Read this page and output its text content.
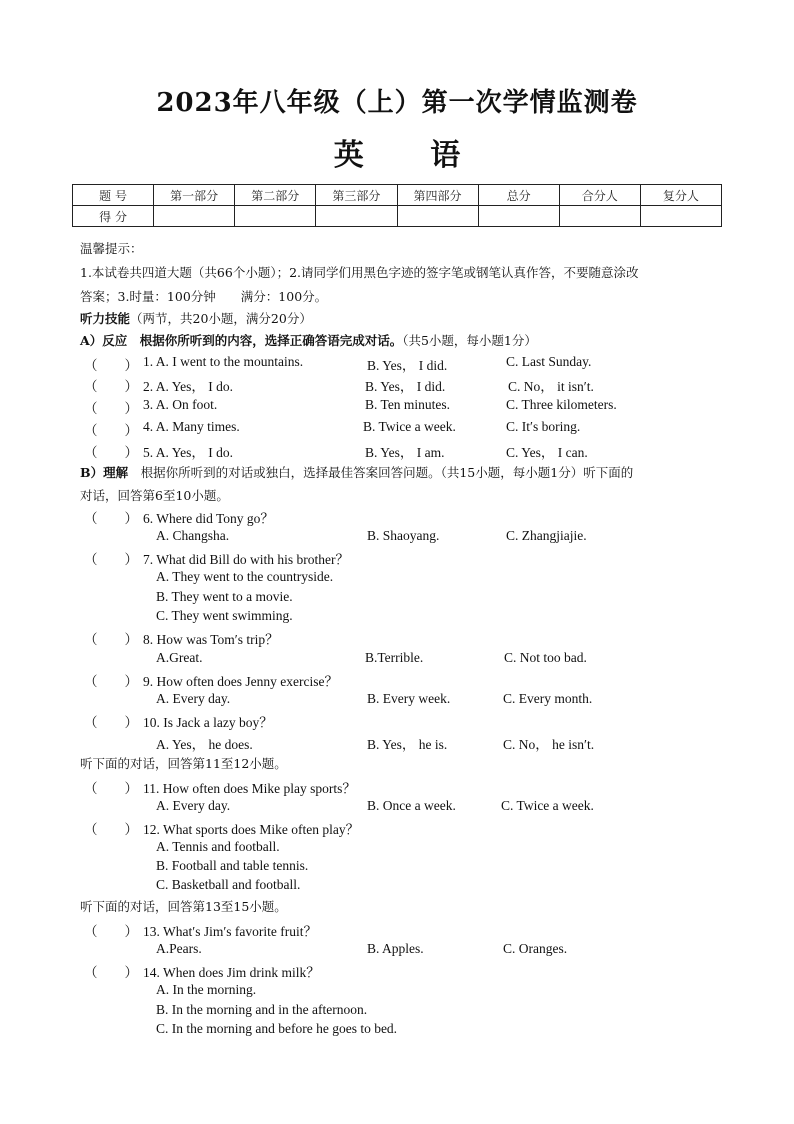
2023年八年级（上）第一次学情监测卷
英 语
题 号	第一部分	第二部分	第三部分	第四部分	总分	合分人	复分人
得 分							
温馨提示：
1.本试卷共四道大题（共66个小题）；2.请同学们用黑色字迹的签字笔或钢笔认真作答，不要随意涂改
答案；3.时量：100分钟　　满分：100分。
听力技能（两节，共20小题，满分20分）
A）反应　根据你所听到的内容，选择正确答语完成对话。（共5小题，每小题1分）
（　　） 1. A. I went to the mountains.	B. Yes， I did.	C. Last Sunday.
（　　） 2. A. Yes， I do.	B. Yes， I did.	C. No， it isn′t.
（　　） 3. A. On foot.	B. Ten minutes.	C. Three kilometers.
（　　） 4. A. Many times.	B. Twice a week.	C. It′s boring.
（　　） 5. A. Yes， I do.	B. Yes， I am.	C. Yes， I can.
B）理解　 根据你所听到的对话或独白，选择最佳答案回答问题。（共15小题，每小题1分）听下面的
对话，回答第6至10小题。
（　　） 6. Where did Tony go？
A. Changsha.	B. Shaoyang.	C. Zhangjiajie.
（　　） 7. What did Bill do with his brother？
A. They went to the countryside.
B. They went to a movie.
C. They went swimming.
（　　） 8. How was Tom′s trip？
A.Great.	B.Terrible.	C. Not too bad.
（　　） 9. How often does Jenny exercise？
A. Every day.	B. Every week.	C. Every month.
（　　） 10. Is Jack a lazy boy？
A. Yes， he does.	B. Yes， he is.	C. No， he isn′t.
听下面的对话，回答第11至12小题。
（　　） 11. How often does Mike play sports？
A. Every day.	B. Once a week.	C. Twice a week.
（　　） 12. What sports does Mike often play？
A. Tennis and football.
B. Football and table tennis.
C. Basketball and football.
听下面的对话，回答第13至15小题。
（　　） 13. What′s Jim′s favorite fruit？
A.Pears.	B. Apples.	C. Oranges.
（　　） 14. When does Jim drink milk？
A. In the morning.
B. In the morning and in the afternoon.
C. In the morning and before he goes to bed.
